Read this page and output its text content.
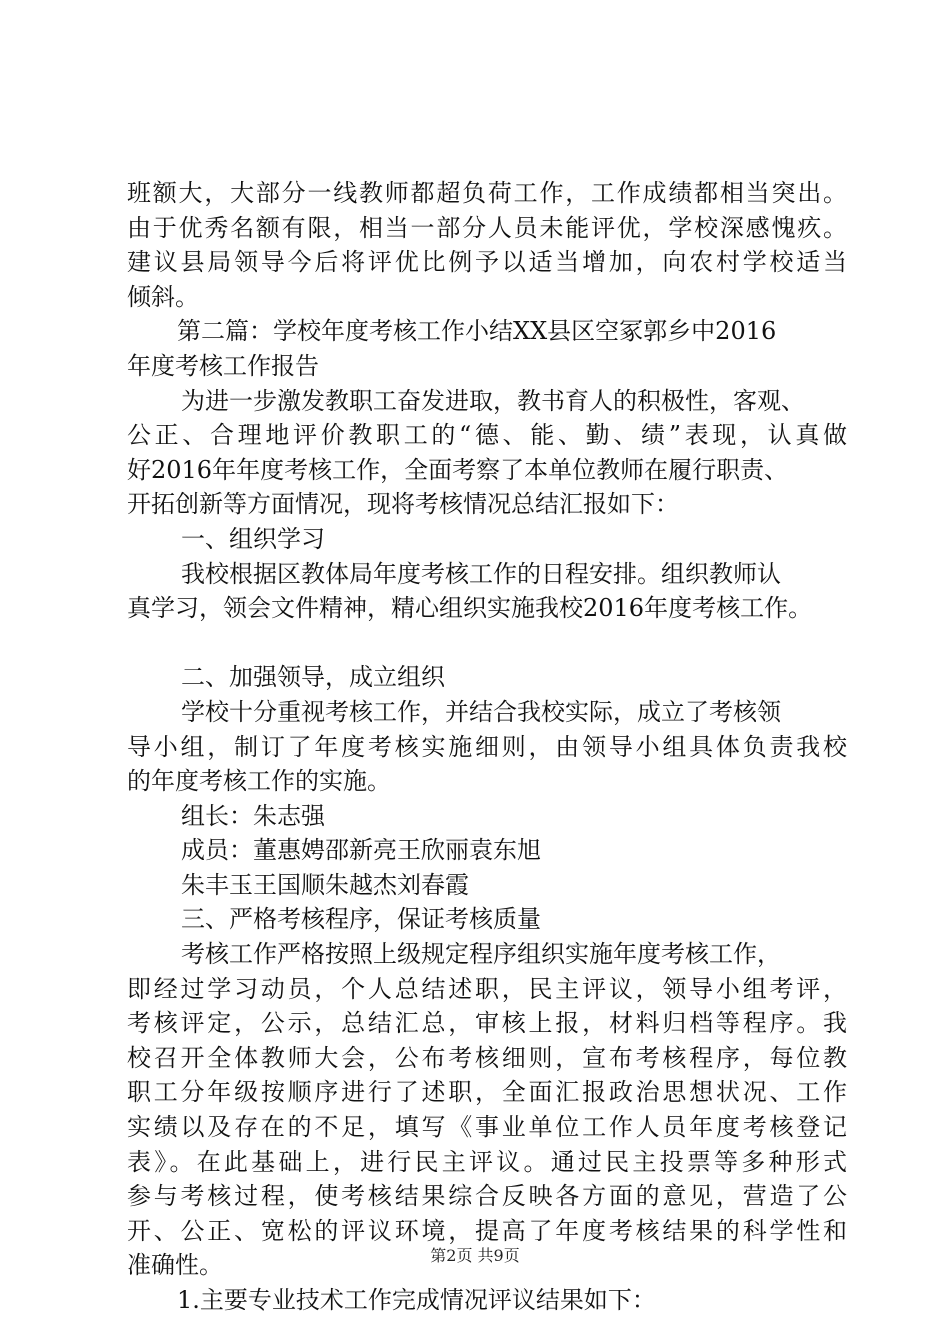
班额大，大部分一线教师都超负荷工作，工作成绩都相当突出。
由于优秀名额有限，相当一部分人员未能评优，学校深感愧疚。
建议县局领导今后将评优比例予以适当增加，向农村学校适当
倾斜。
第二篇：学校年度考核工作小结XX县区空冢郭乡中2016
年度考核工作报告
为进一步激发教职工奋发进取，教书育人的积极性，客观、
公正、合理地评价教职工的“德、能、勤、绩”表现，认真做
好2016年年度考核工作，全面考察了本单位教师在履行职责、
开拓创新等方面情况，现将考核情况总结汇报如下：
一、组织学习
我校根据区教体局年度考核工作的日程安排。组织教师认
真学习，领会文件精神，精心组织实施我校2016年度考核工作。
二、加强领导，成立组织
学校十分重视考核工作，并结合我校实际，成立了考核领
导小组，制订了年度考核实施细则，由领导小组具体负责我校
的年度考核工作的实施。
组长：朱志强
成员：董惠娉邵新亮王欣丽袁东旭
朱丰玉王国顺朱越杰刘春霞
三、严格考核程序，保证考核质量
考核工作严格按照上级规定程序组织实施年度考核工作，
即经过学习动员，个人总结述职，民主评议，领导小组考评，
考核评定，公示，总结汇总，审核上报，材料归档等程序。我
校召开全体教师大会，公布考核细则，宣布考核程序，每位教
职工分年级按顺序进行了述职，全面汇报政治思想状况、工作
实绩以及存在的不足，填写《事业单位工作人员年度考核登记
表》。在此基础上，进行民主评议。通过民主投票等多种形式
参与考核过程，使考核结果综合反映各方面的意见，营造了公
开、公正、宽松的评议环境，提高了年度考核结果的科学性和
准确性。
1.主要专业技术工作完成情况评议结果如下：
第2页 共9页
